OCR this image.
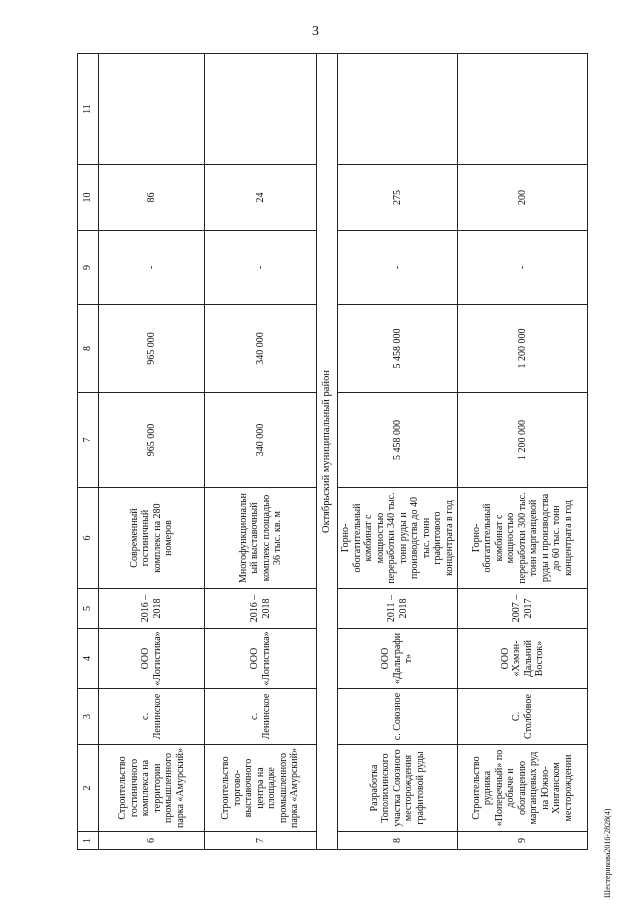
3
1	2	3	4	5	6	7	8	9	10	11
6	Строительство гостиничного комплекса на территории промышленного парка «Амурский»	с. Ленинское	ООО «Логистика»	2016 – 2018	Современный гостиничный комплекс на 280 номеров	965 000	965 000	-	86	
7	Строительство торгово-выставочного центра на площадке промышленного парка «Амурский»	с. Ленинское	ООО «Логистика»	2016 – 2018	Многофункциональный выставочный комплекс площадью 36 тыс. кв. м	340 000	340 000	-	24	
Октябрьский муниципальный район										
8	Разработка Тополихинского участка Союзного месторождения графитовой руды	с. Союзное	ООО «Дальграфит»	2011 – 2018	Горно-обогатительный комбинат с мощностью переработки 340 тыс. тонн руды и производства до 40 тыс. тонн графитового концентрата в год	5 458 000	5 458 000	-	275	
9	Строительство рудника «Поперечный» по добыче и обогащению марганцевых руд на Южно-Хинганском месторождении	С. Столбовое	ООО «Хэмэн-Дальний Восток»	2007 – 2017	Горно-обогатительный комбинат с мощностью переработки 300 тыс. тонн марганцевой руды и производства до 60 тыс. тонн концентрата в год	1 200 000	1 200 000	-	200	
Шестерикова2016-2828(4)
